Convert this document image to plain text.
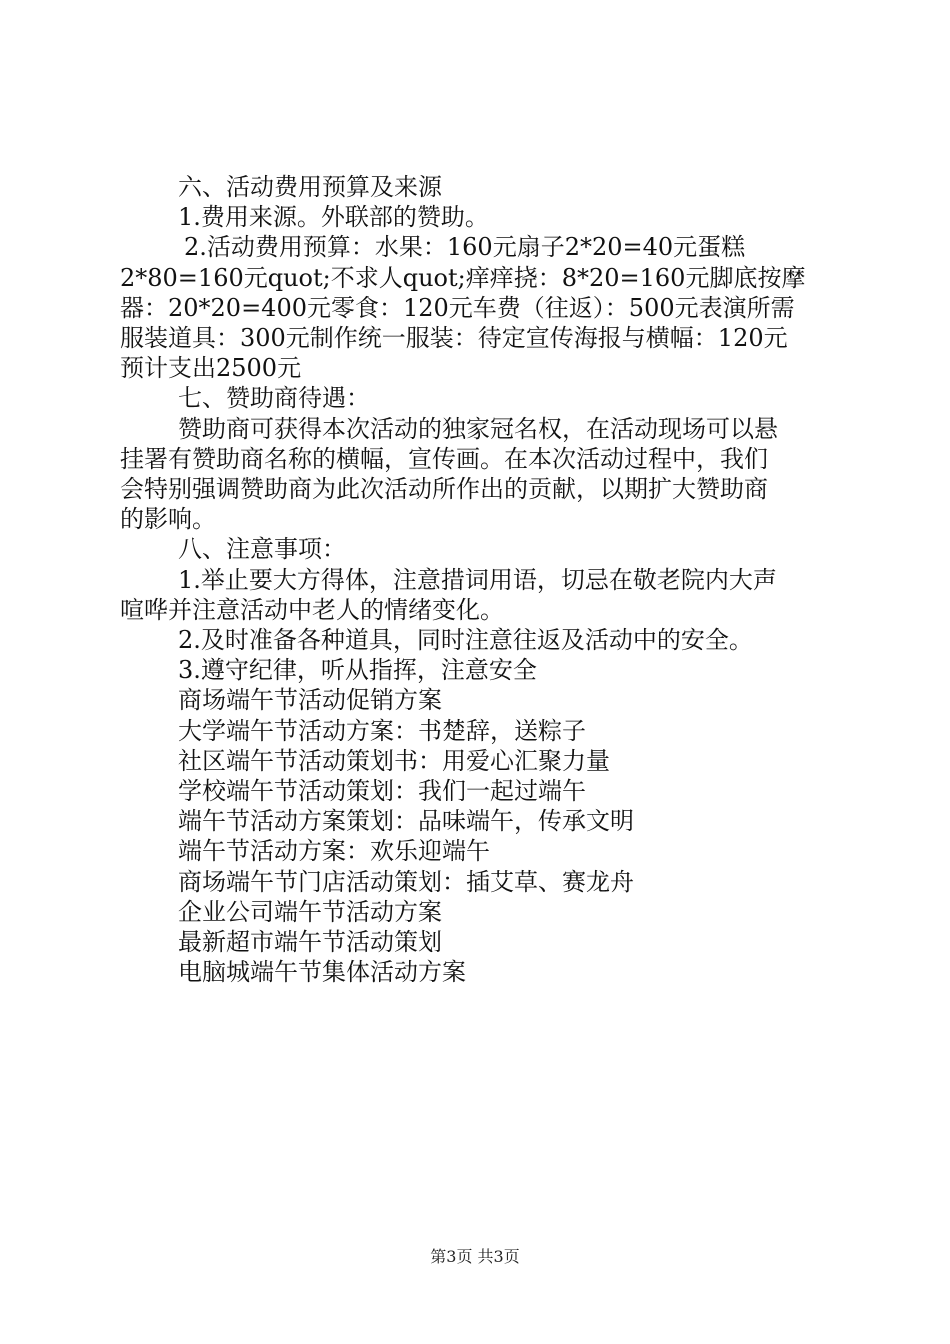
六、活动费用预算及来源
1.费用来源。外联部的赞助。
2.活动费用预算：水果：160元扇子2*20=40元蛋糕
2*80=160元quot;不求人quot;痒痒挠：8*20=160元脚底按摩
器：20*20=400元零食：120元车费（往返）：500元表演所需
服装道具：300元制作统一服装：待定宣传海报与横幅：120元
预计支出2500元
七、赞助商待遇：
赞助商可获得本次活动的独家冠名权，在活动现场可以悬
挂署有赞助商名称的横幅，宣传画。在本次活动过程中，我们
会特别强调赞助商为此次活动所作出的贡献，以期扩大赞助商
的影响。
八、注意事项：
1.举止要大方得体，注意措词用语，切忌在敬老院内大声
喧哗并注意活动中老人的情绪变化。
2.及时准备各种道具，同时注意往返及活动中的安全。
3.遵守纪律，听从指挥，注意安全
商场端午节活动促销方案
大学端午节活动方案：书楚辞，送粽子
社区端午节活动策划书：用爱心汇聚力量
学校端午节活动策划：我们一起过端午
端午节活动方案策划：品味端午，传承文明
端午节活动方案：欢乐迎端午
商场端午节门店活动策划：插艾草、赛龙舟
企业公司端午节活动方案
最新超市端午节活动策划
电脑城端午节集体活动方案
第3页 共3页
